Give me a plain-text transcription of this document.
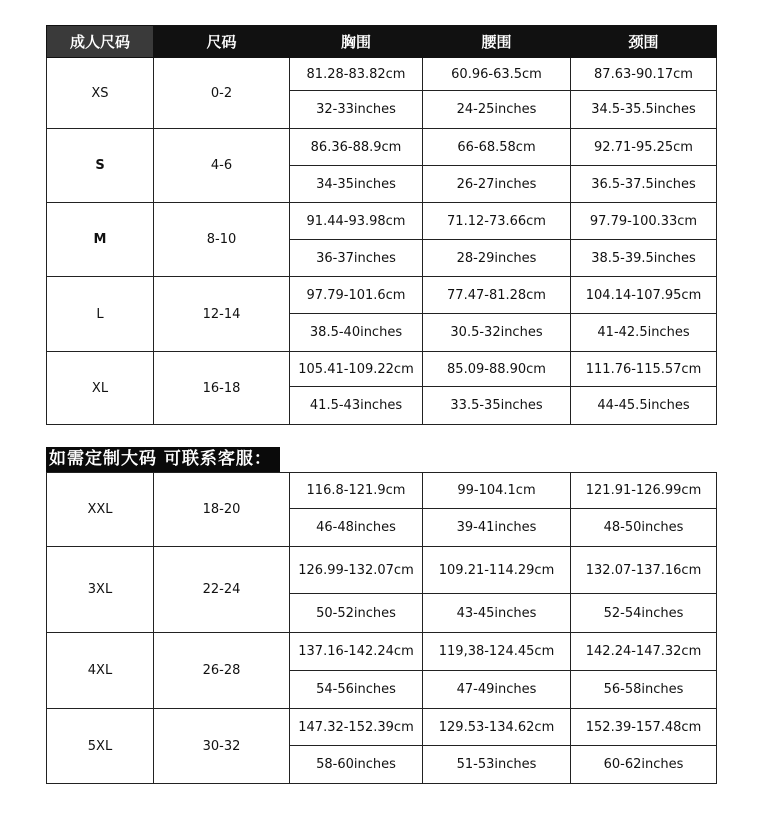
成人尺码	尺码	胸围	腰围	颈围
XS	0-2	81.28-83.82cm	60.96-63.5cm	87.63-90.17cm
		32-33inches	24-25inches	34.5-35.5inches
S	4-6	86.36-88.9cm	66-68.58cm	92.71-95.25cm
		34-35inches	26-27inches	36.5-37.5inches
M	8-10	91.44-93.98cm	71.12-73.66cm	97.79-100.33cm
		36-37inches	28-29inches	38.5-39.5inches
L	12-14	97.79-101.6cm	77.47-81.28cm	104.14-107.95cm
		38.5-40inches	30.5-32inches	41-42.5inches
XL	16-18	105.41-109.22cm	85.09-88.90cm	111.76-115.57cm
		41.5-43inches	33.5-35inches	44-45.5inches
如需定制大码 可联系客服：
XXL	18-20	116.8-121.9cm	99-104.1cm	121.91-126.99cm
		46-48inches	39-41inches	48-50inches
3XL	22-24	126.99-132.07cm	109.21-114.29cm	132.07-137.16cm
		50-52inches	43-45inches	52-54inches
4XL	26-28	137.16-142.24cm	119,38-124.45cm	142.24-147.32cm
		54-56inches	47-49inches	56-58inches
5XL	30-32	147.32-152.39cm	129.53-134.62cm	152.39-157.48cm
		58-60inches	51-53inches	60-62inches
